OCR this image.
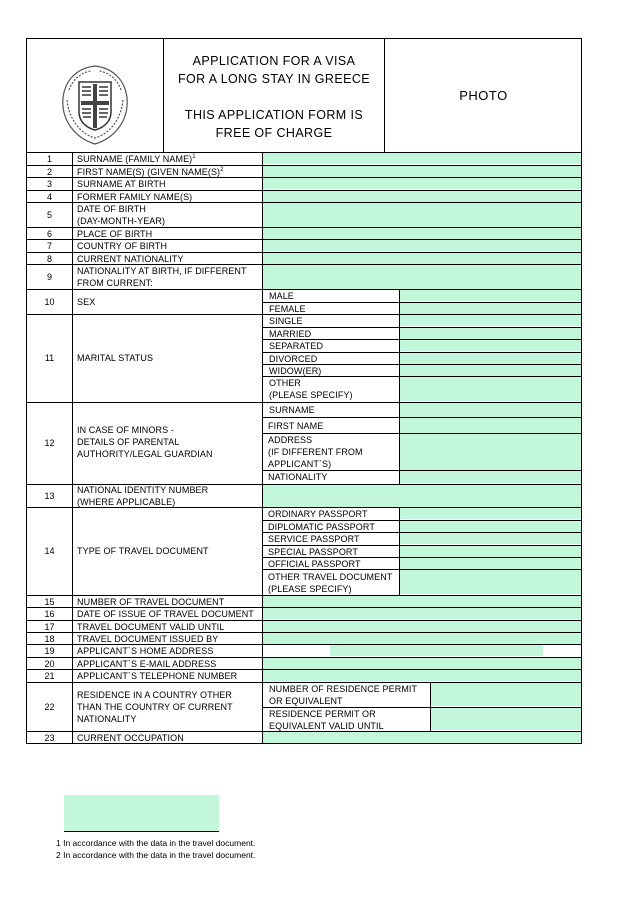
APPLICATION FOR A VISA
FOR A LONG STAY IN GREECE
THIS APPLICATION FORM IS
FREE OF CHARGE
PHOTO
1
2
3
4
5
6
7
8
9
10
11
12
13
14
15
16
17
18
19
20
21
22
23
SURNAME (FAMILY NAME)$^1$
FIRST NAME(S) (GIVEN $NAME(S)^2$
SURNAME AT BIRTH
FORMER FAMILY NAME(S)
DATE OF BIRTH
(DAY-MONTH-YEAR)
PLACE OF BIRTH
COUNTRY OF BIRTH
CURRENT NATIONALITY
NATIONALITY AT BIRTH, IF DIFFERENT
FROM CURRENT:
SEX
MARITAL STATUS
IN CASE OF MINORS -
DETAILS OF PARENTAL
AUTHORITY/LEGAL GUARDIAN
NATIONAL IDENTITY NUMBER
(WHERE APPLICABLE)
TYPE OF TRAVEL DOCUMENT
NUMBER OF TRAVEL DOCUMENT
DATE OF ISSUE OF TRAVEL DOCUMENT
TRAVEL DOCUMENT VALID UNTIL
TRAVEL DOCUMENT ISSUED BY
APPLICANT`S HOME ADDRESS
APPLICANT`S E-MAIL ADDRESS
APPLICANT`S TELEPHONE NUMBER
RESIDENCE IN A COUNTRY OTHER
THAN THE COUNTRY OF CURRENT
NATIONALITY
CURRENT OCCUPATION
MALE
FEMALE
SINGLE
MARRIED
SEPARATED
DIVORCED
WIDOW(ER)
OTHER
(PLEASE SPECIFY)
SURNAME
FIRST NAME
ADDRESS
(IF DIFFERENT FROM
APPLICANT`S)
NATIONALITY
ORDINARY PASSPORT
DIPLOMATIC PASSPORT
SERVICE PASSPORT
SPECIAL PASSPORT
OFFICIAL PASSPORT
OTHER TRAVEL DOCUMENT
(PLEASE SPECIFY)
NUMBER OF RESIDENCE PERMIT
OR EQUIVALENT
RESIDENCE PERMIT OR
EQUIVALENT VALID UNTIL
1 In accordance with the data in the travel document.
2 In accordance with the data in the travel document.
